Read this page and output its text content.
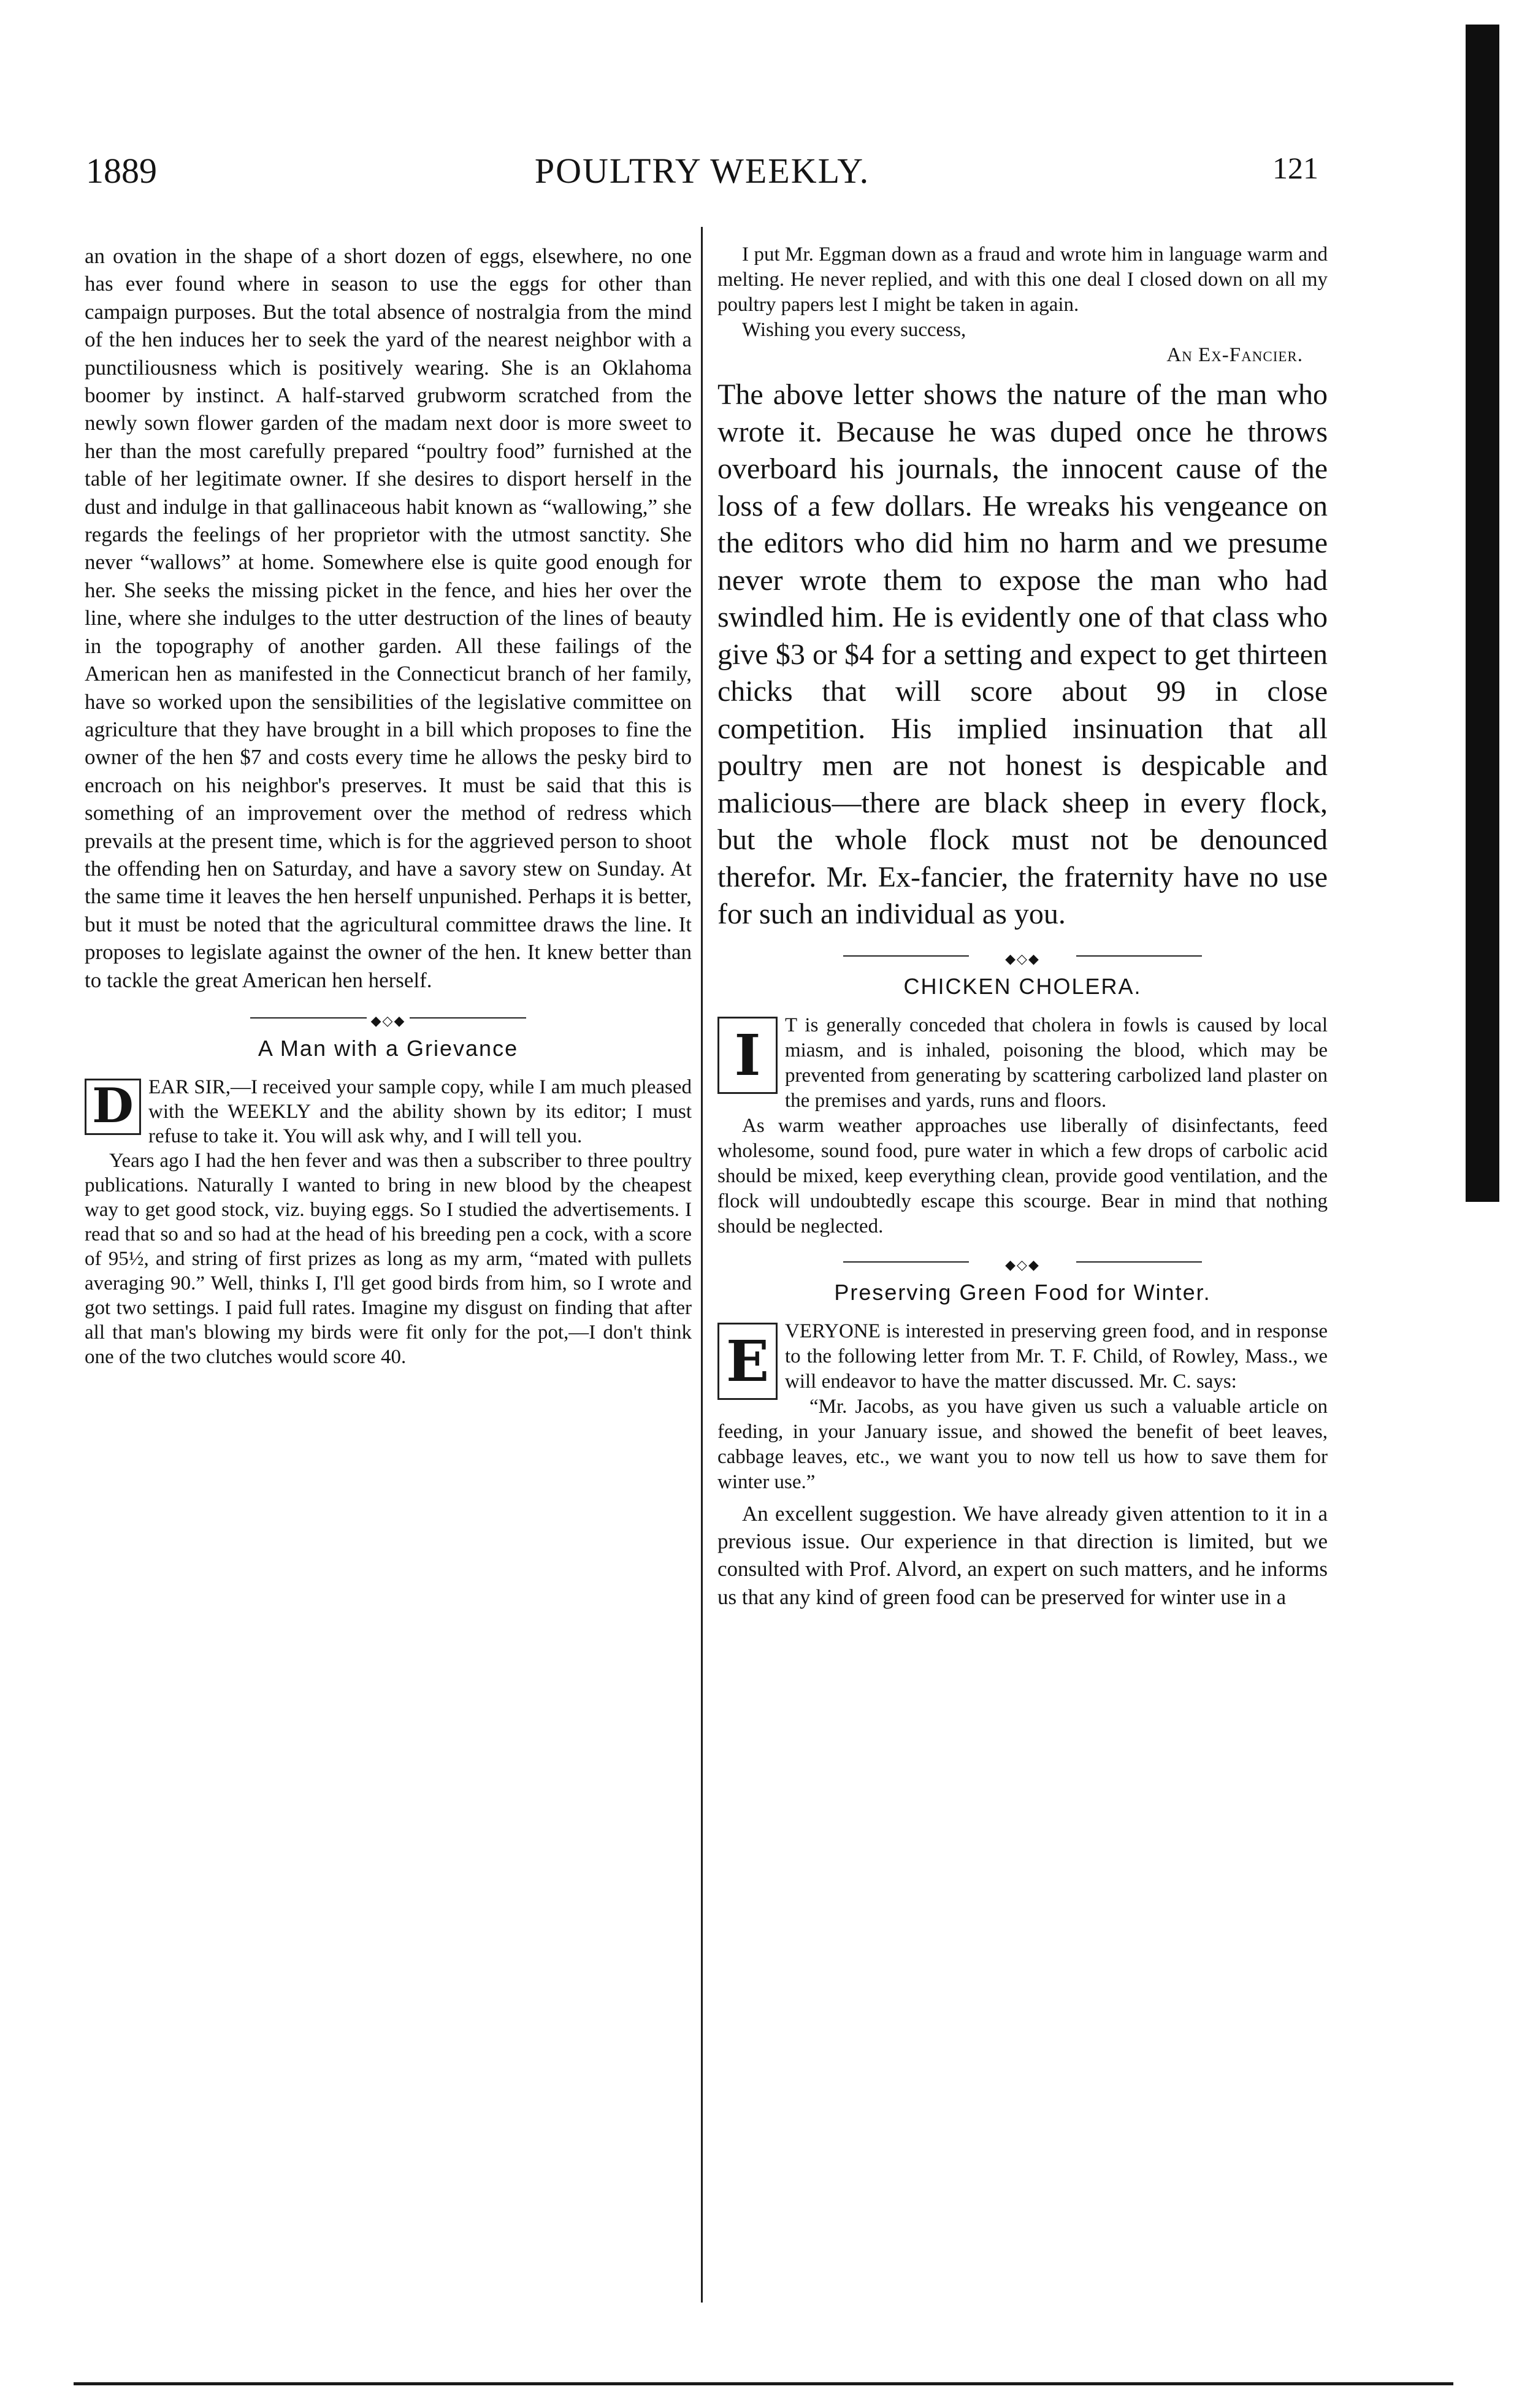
1889	POULTRY WEEKLY.	121

an ovation in the shape of a short dozen of eggs, elsewhere, no one has ever found where in season to use the eggs for other than campaign purposes. But the total absence of nostralgia from the mind of the hen induces her to seek the yard of the nearest neighbor with a punctiliousness which is positively wearing. She is an Oklahoma boomer by instinct. A half-starved grubworm scratched from the newly sown flower garden of the madam next door is more sweet to her than the most carefully prepared “poultry food” furnished at the table of her legitimate owner. If she desires to disport herself in the dust and indulge in that gallinaceous habit known as “wallowing,” she regards the feelings of her proprietor with the utmost sanctity. She never “wallows” at home. Somewhere else is quite good enough for her. She seeks the missing picket in the fence, and hies her over the line, where she indulges to the utter destruction of the lines of beauty in the topography of another garden. All these failings of the American hen as manifested in the Connecticut branch of her family, have so worked upon the sensibilities of the legislative committee on agriculture that they have brought in a bill which proposes to fine the owner of the hen $7 and costs every time he allows the pesky bird to encroach on his neighbor's preserves. It must be said that this is something of an improvement over the method of redress which prevails at the present time, which is for the aggrieved person to shoot the offending hen on Saturday, and have a savory stew on Sunday. At the same time it leaves the hen herself unpunished. Perhaps it is better, but it must be noted that the agricultural committee draws the line. It proposes to legislate against the owner of the hen. It knew better than to tackle the great American hen herself.

◆◇◆
A Man with a Grievance

D EAR SIR,—I received your sample copy, while I am much pleased with the WEEKLY and the ability shown by its editor; I must refuse to take it. You will ask why, and I will tell you.

Years ago I had the hen fever and was then a subscriber to three poultry publications. Naturally I wanted to bring in new blood by the cheapest way to get good stock, viz. buying eggs. So I studied the advertisements. I read that so and so had at the head of his breeding pen a cock, with a score of 95½, and string of first prizes as long as my arm, “mated with pullets averaging 90.” Well, thinks I, I'll get good birds from him, so I wrote and got two settings. I paid full rates. Imagine my disgust on finding that after all that man's blowing my birds were fit only for the pot,—I don't think one of the two clutches would score 40.

I put Mr. Eggman down as a fraud and wrote him in language warm and melting. He never replied, and with this one deal I closed down on all my poultry papers lest I might be taken in again.

Wishing you every success,

An Ex-Fancier.

The above letter shows the nature of the man who wrote it. Because he was duped once he throws overboard his journals, the innocent cause of the loss of a few dollars. He wreaks his vengeance on the editors who did him no harm and we presume never wrote them to expose the man who had swindled him. He is evidently one of that class who give $3 or $4 for a setting and expect to get thirteen chicks that will score about 99 in close competition. His implied insinuation that all poultry men are not honest is despicable and malicious—there are black sheep in every flock, but the whole flock must not be denounced therefor. Mr. Ex-fancier, the fraternity have no use for such an individual as you.

◆◇◆
CHICKEN CHOLERA.

I	T is generally conceded that cholera in fowls is caused by local miasm, and is inhaled, poisoning the blood, which may be prevented from generating by scattering carbolized land plaster on the premises and yards, runs and floors.

As warm weather approaches use liberally of disinfectants, feed wholesome, sound food, pure water in which a few drops of carbolic acid should be mixed, keep everything clean, provide good ventilation, and the flock will undoubtedly escape this scourge. Bear in mind that nothing should be neglected.

◆◇◆
Preserving Green Food for Winter.

E VERYONE is interested in preserving green food, and in response to the following letter from Mr. T. F. Child, of Rowley, Mass., we will endeavor to have the matter discussed. Mr. C. says:

“Mr. Jacobs, as you have given us such a valuable article on feeding, in your January issue, and showed the benefit of beet leaves, cabbage leaves, etc., we want you to now tell us how to save them for winter use.”

An excellent suggestion. We have already given attention to it in a previous issue. Our experience in that direction is limited, but we consulted with Prof. Alvord, an expert on such matters, and he informs us that any kind of green food can be preserved for winter use in a
